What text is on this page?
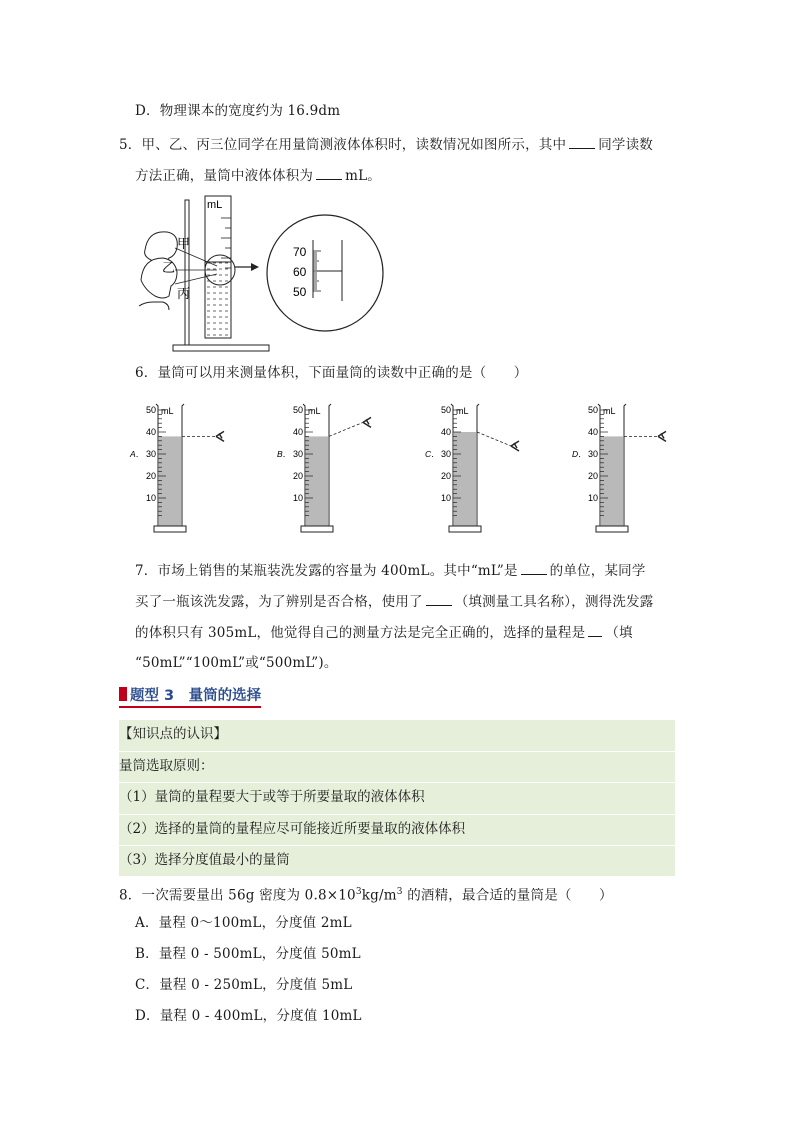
D．物理课本的宽度约为 16.9dm
5．甲、乙、丙三位同学在用量筒测液体体积时，读数情况如图所示，其中 同学读数
方法正确，量筒中液体体积为 mL。
mL
甲
乙
丙
70
60
50
6．量筒可以用来测量体积，下面量筒的读数中正确的是（　　）
mL
50
40
30
20
10
A．
mL
50
40
30
20
10
B．
mL
50
40
30
20
10
C．
mL
50
40
30
20
10
D．
7．市场上销售的某瓶装洗发露的容量为 400mL。其中“mL”是 的单位，某同学
买了一瓶该洗发露，为了辨别是否合格，使用了 （填测量工具名称），测得洗发露
的体积只有 305mL，他觉得自己的测量方法是完全正确的，选择的量程是 （填
“50mL”“100mL”或“500mL”)。
题型 3　量筒的选择
【知识点的认识】
量筒选取原则：
（1）量筒的量程要大于或等于所要量取的液体体积
（2）选择的量筒的量程应尽可能接近所要量取的液体体积
（3）选择分度值最小的量筒
8．一次需要量出 56g 密度为 $0.8\times 10^3kg/m^3$ 的酒精，最合适的量筒是（　　）
A．量程 0～100mL，分度值 2mL
B．量程 0 - 500mL，分度值 50mL
C．量程 0 - 250mL，分度值 5mL
D．量程 0 - 400mL，分度值 10mL
